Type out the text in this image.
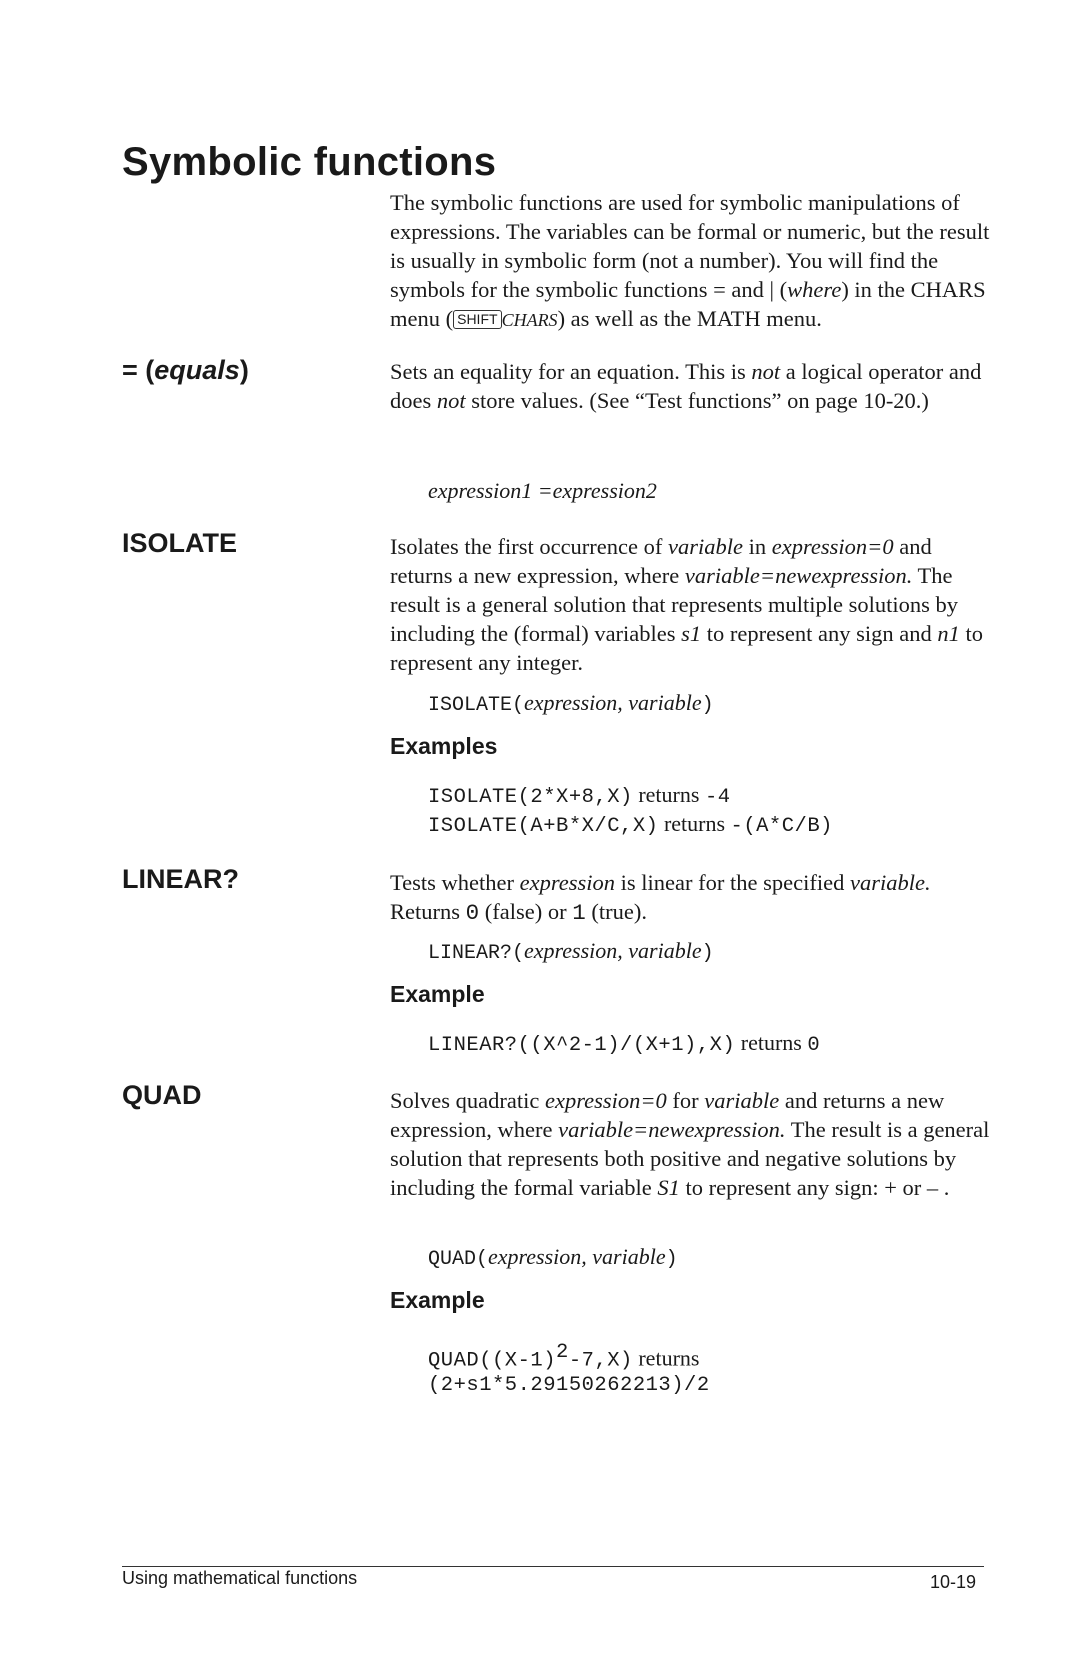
Symbolic functions

The symbolic functions are used for symbolic manipulations of expressions. The variables can be formal or numeric, but the result is usually in symbolic form (not a number). You will find the symbols for the symbolic functions = and | (where) in the CHARS menu ( SHIFT CHARS) as well as the MATH menu.

= (equals)	Sets an equality for an equation. This is not a logical operator and does not store values. (See “Test functions” on page 10-20.)

expression1 =expression2

ISOLATE	Isolates the first occurrence of variable in expression=0 and returns a new expression, where variable=newexpression. The result is a general solution that represents multiple solutions by including the (formal) variables s1 to represent any sign and n1 to represent any integer.

ISOLATE(expression, variable)

Examples

ISOLATE(2*X+8,X) returns -4

ISOLATE(A+B*X/C,X) returns -(A*C/B)

LINEAR?	Tests whether expression is linear for the specified variable. Returns 0 (false) or 1 (true).

LINEAR?(expression, variable)

Example

LINEAR?((X^2-1)/(X+1),X) returns 0

QUAD	Solves quadratic expression=0 for variable and returns a new expression, where variable=newexpression. The result is a general solution that represents both positive and negative solutions by including the formal variable S1 to represent any sign: + or – .

QUAD(expression, variable)

Example

$QUAD((X-1)^2-7,X)$ returns

(2+s1*5.29150262213)/2

Using mathematical functions	10-19
